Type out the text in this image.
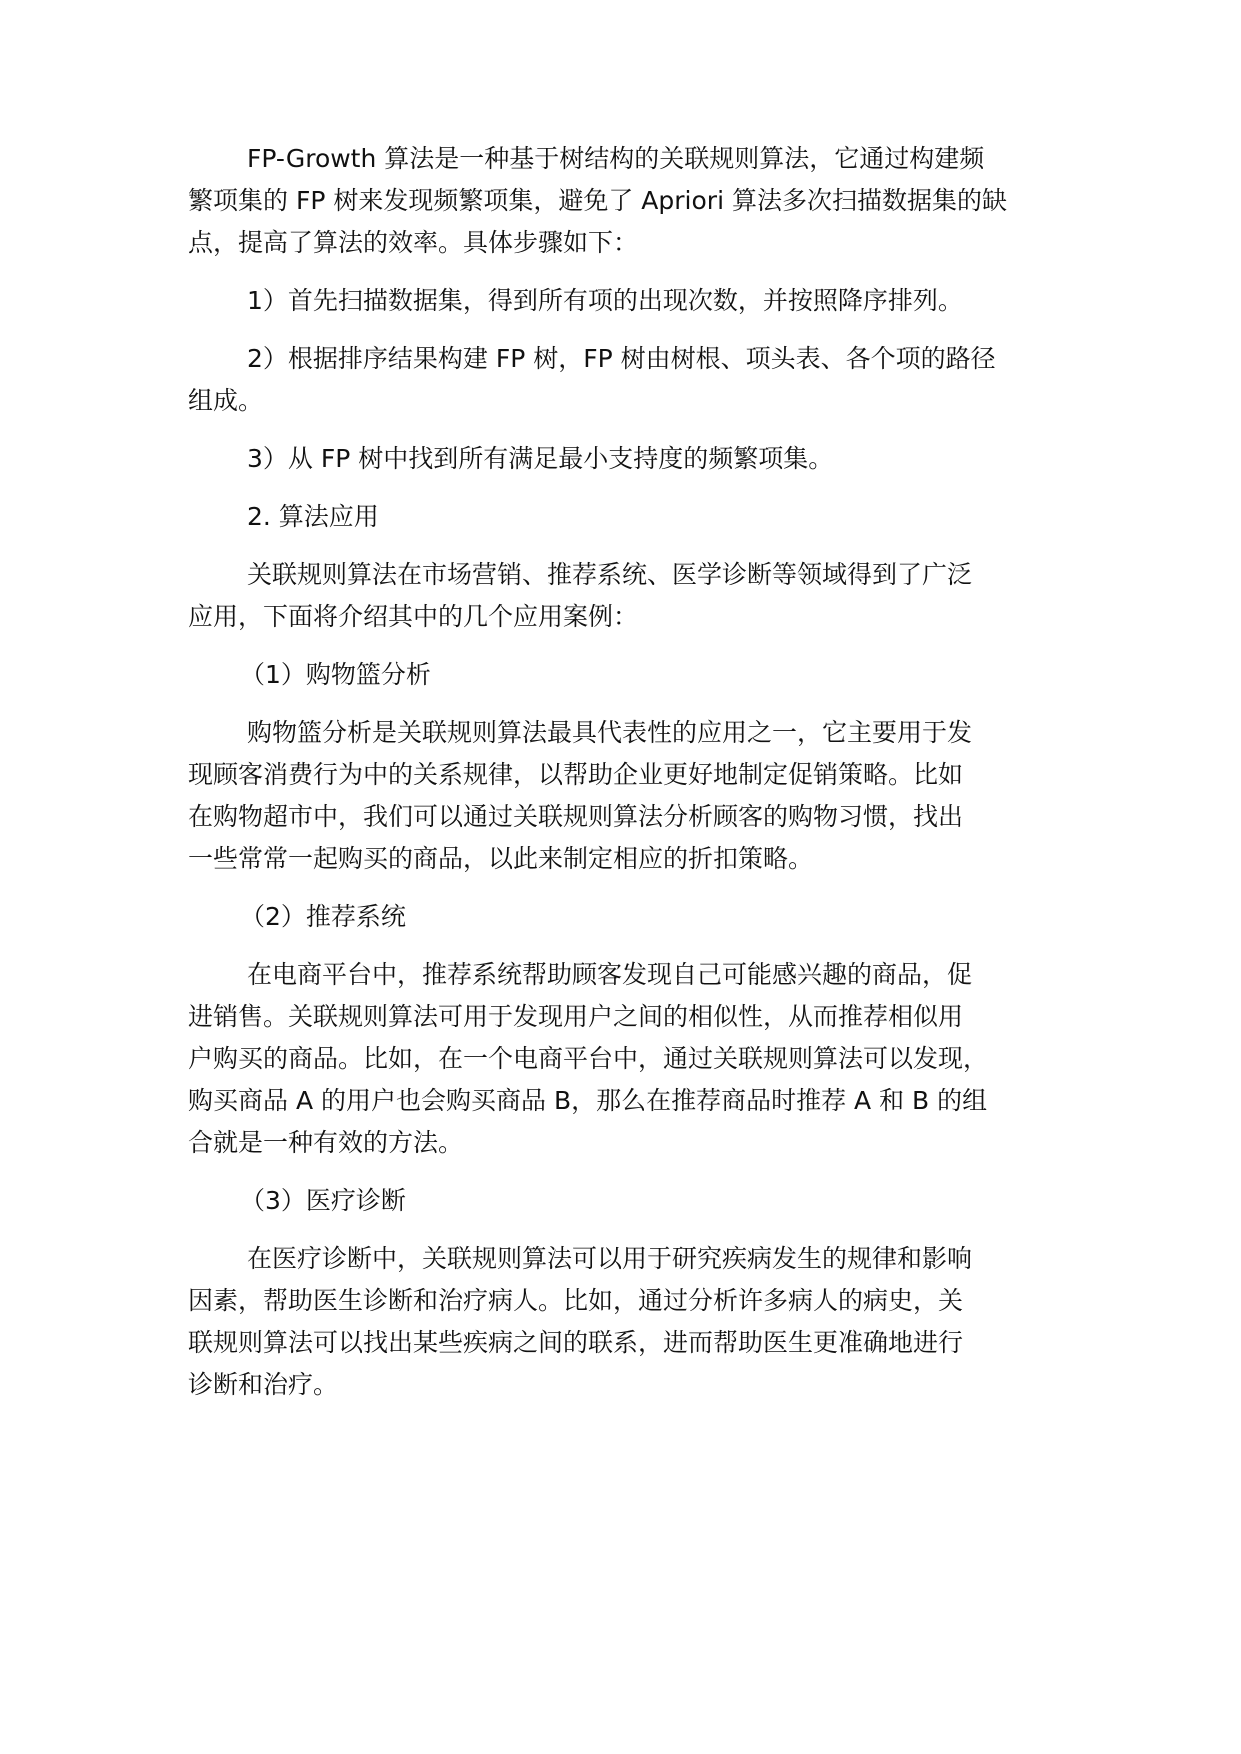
FP-Growth 算法是一种基于树结构的关联规则算法，它通过构建频
繁项集的 FP 树来发现频繁项集，避免了 Apriori 算法多次扫描数据集的缺
点，提高了算法的效率。具体步骤如下：
1）首先扫描数据集，得到所有项的出现次数，并按照降序排列。
2）根据排序结果构建 FP 树，FP 树由树根、项头表、各个项的路径
组成。
3）从 FP 树中找到所有满足最小支持度的频繁项集。
2. 算法应用
关联规则算法在市场营销、推荐系统、医学诊断等领域得到了广泛
应用，下面将介绍其中的几个应用案例：
（1）购物篮分析
购物篮分析是关联规则算法最具代表性的应用之一，它主要用于发
现顾客消费行为中的关系规律，以帮助企业更好地制定促销策略。比如
在购物超市中，我们可以通过关联规则算法分析顾客的购物习惯，找出
一些常常一起购买的商品，以此来制定相应的折扣策略。
（2）推荐系统
在电商平台中，推荐系统帮助顾客发现自己可能感兴趣的商品，促
进销售。关联规则算法可用于发现用户之间的相似性，从而推荐相似用
户购买的商品。比如，在一个电商平台中，通过关联规则算法可以发现，
购买商品 A 的用户也会购买商品 B，那么在推荐商品时推荐 A 和 B 的组
合就是一种有效的方法。
（3）医疗诊断
在医疗诊断中，关联规则算法可以用于研究疾病发生的规律和影响
因素，帮助医生诊断和治疗病人。比如，通过分析许多病人的病史，关
联规则算法可以找出某些疾病之间的联系，进而帮助医生更准确地进行
诊断和治疗。
